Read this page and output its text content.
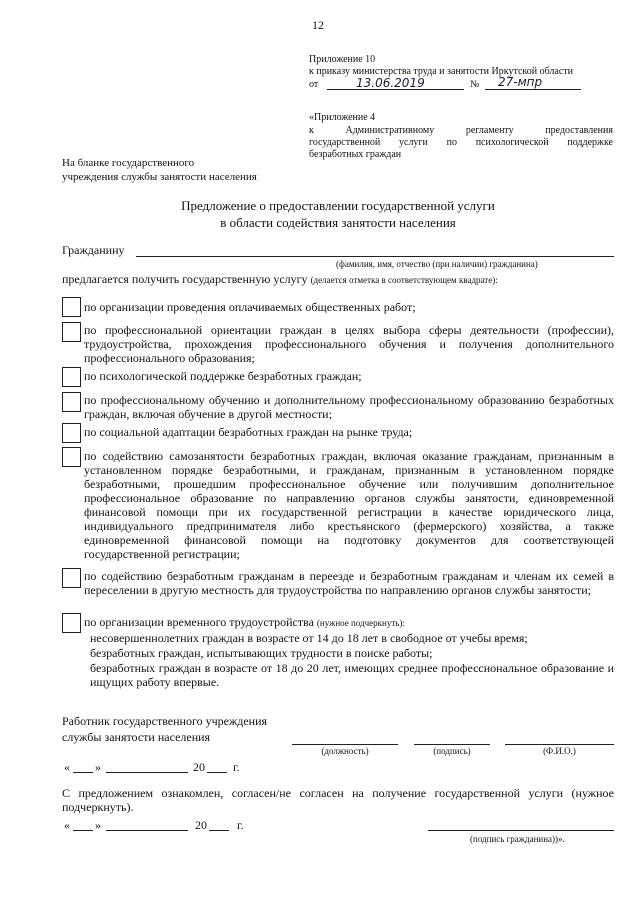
12
Приложение 10
к приказу министерства труда и занятости Иркутской области
от	13.06.2019	№ 27-мпр
«Приложение 4
к Административному регламенту предоставления
государственной услуги по психологической поддержке
безработных граждан
На бланке государственного
учреждения службы занятости населения
Предложение о предоставлении государственной услуги
в области содействия занятости населения
Гражданину
(фамилия, имя, отчество (при наличии) гражданина)
предлагается получить государственную услугу (делается отметка в соответствующем квадрате):
по организации проведения оплачиваемых общественных работ;
по профессиональной ориентации граждан в целях выбора сферы деятельности (профессии), трудоустройства, прохождения профессионального обучения и получения дополнительного профессионального образования;
по психологической поддержке безработных граждан;
по профессиональному обучению и дополнительному профессиональному образованию безработных граждан, включая обучение в другой местности;
по социальной адаптации безработных граждан на рынке труда;
по содействию самозанятости безработных граждан, включая оказание гражданам, признанным в установленном порядке безработными, и гражданам, признанным в установленном порядке безработными, прошедшим профессиональное обучение или получившим дополнительное профессиональное образование по направлению органов службы занятости, единовременной финансовой помощи при их государственной регистрации в качестве юридического лица, индивидуального предпринимателя либо крестьянского (фермерского) хозяйства, а также единовременной финансовой помощи на подготовку документов для соответствующей государственной регистрации;
по содействию безработным гражданам в переезде и безработным гражданам и членам их семей в переселении в другую местность для трудоустройства по направлению органов службы занятости;
по организации временного трудоустройства (нужное подчеркнуть):
несовершеннолетних граждан в возрасте от 14 до 18 лет в свободное от учебы время;
безработных граждан, испытывающих трудности в поиске работы;
безработных граждан в возрасте от 18 до 20 лет, имеющих среднее профессиональное образование и ищущих работу впервые.
Работник государственного учреждения
службы занятости населения
(должность)	(подпись)	(Ф.И.О.)
« »	20 г.
С предложением ознакомлен, согласен/не согласен на получение государственной услуги (нужное подчеркнуть).
« »	20	г.
(подпись гражданина))».
